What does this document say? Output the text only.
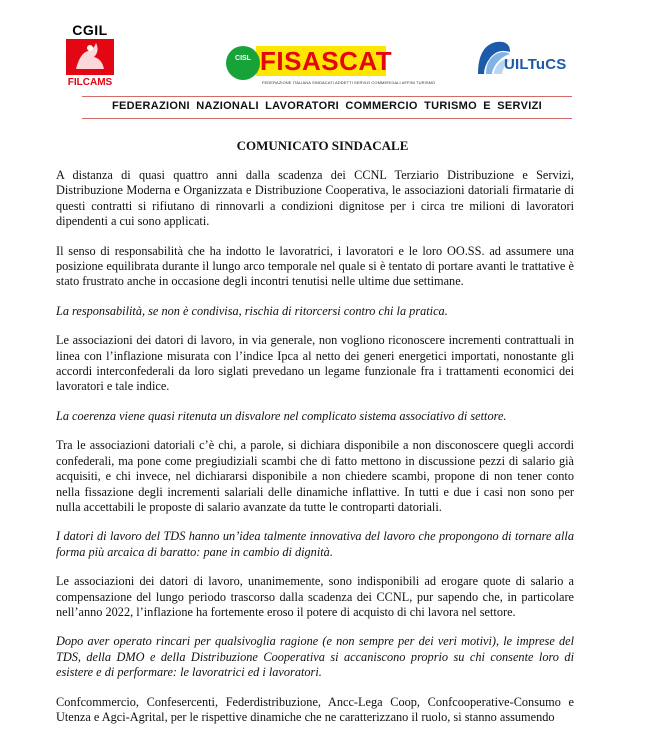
CGIL
FILCAMS
CISL FISASCAT
FEDERAZIONE ITALIANA SINDACATI ADDETTI SERVIZI COMMERCIALI AFFINI TURISMO
UILTuCS
FEDERAZIONI NAZIONALI LAVORATORI COMMERCIO TURISMO E SERVIZI
COMUNICATO SINDACALE

A distanza di quasi quattro anni dalla scadenza dei CCNL Terziario Distribuzione e Servizi, Distribuzione Moderna e Organizzata e Distribuzione Cooperativa, le associazioni datoriali firmatarie di questi contratti si rifiutano di rinnovarli a condizioni dignitose per i circa tre milioni di lavoratori dipendenti a cui sono applicati.

Il senso di responsabilità che ha indotto le lavoratrici, i lavoratori e le loro OO.SS. ad assumere una posizione equilibrata durante il lungo arco temporale nel quale si è tentato di portare avanti le trattative è stato frustrato anche in occasione degli incontri tenutisi nelle ultime due settimane.

La responsabilità, se non è condivisa, rischia di ritorcersi contro chi la pratica.

Le associazioni dei datori di lavoro, in via generale, non vogliono riconoscere incrementi contrattuali in linea con l’inflazione misurata con l’indice Ipca al netto dei generi energetici importati, nonostante gli accordi interconfederali da loro siglati prevedano un legame funzionale fra i trattamenti economici dei lavoratori e tale indice.

La coerenza viene quasi ritenuta un disvalore nel complicato sistema associativo di settore.

Tra le associazioni datoriali c’è chi, a parole, si dichiara disponibile a non disconoscere quegli accordi confederali, ma pone come pregiudiziali scambi che di fatto mettono in discussione pezzi di salario già acquisiti, e chi invece, nel dichiararsi disponibile a non chiedere scambi, propone di non tener conto nella fissazione degli incrementi salariali delle dinamiche inflattive. In tutti e due i casi non sono per nulla accettabili le proposte di salario avanzate da tutte le controparti datoriali.

I datori di lavoro del TDS hanno un’idea talmente innovativa del lavoro che propongono di tornare alla forma più arcaica di baratto: pane in cambio di dignità.

Le associazioni dei datori di lavoro, unanimemente, sono indisponibili ad erogare quote di salario a compensazione del lungo periodo trascorso dalla scadenza dei CCNL, pur sapendo che, in particolare nell’anno 2022, l’inflazione ha fortemente eroso il potere di acquisto di chi lavora nel settore.

Dopo aver operato rincari per qualsivoglia ragione (e non sempre per dei veri motivi), le imprese del TDS, della DMO e della Distribuzione Cooperativa si accaniscono proprio su chi consente loro di esistere e di performare: le lavoratrici ed i lavoratori.

Confcommercio, Confesercenti, Federdistribuzione, Ancc-Lega Coop, Confcooperative-Consumo e Utenza e Agci-Agrital, per le rispettive dinamiche che ne caratterizzano il ruolo, si stanno assumendo
